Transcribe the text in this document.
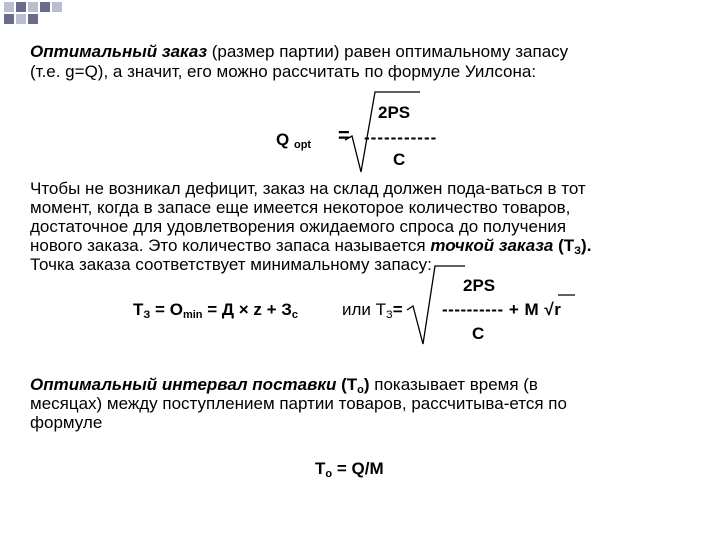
Оптимальный заказ (размер партии) равен оптимальному запасу
(т.е. g=Q), а значит, его можно рассчитать по формуле Уилсона:
2PS
Q $_{opt}$ = -----------
C
Чтобы не возникал дефицит, заказ на склад должен пода-ваться в тот
момент, когда в запасе еще имеется некоторое количество товаров,
достаточное для удовлетворения ожидаемого спроса до получения
нового заказа. Это количество запаса называется точкой заказа $(Т_З)$.
Точка заказа соответствует минимальному запасу:
2PS
$Т_З = O_{min} = Д \times z + З_с$	или $Т_З=$ ---------- + М √r
C
Оптимальный интервал поставки $(Т_о)$ показывает время (в
месяцах) между поступлением партии товаров, рассчитыва-ется по
формуле
$Т_о = Q/M$
